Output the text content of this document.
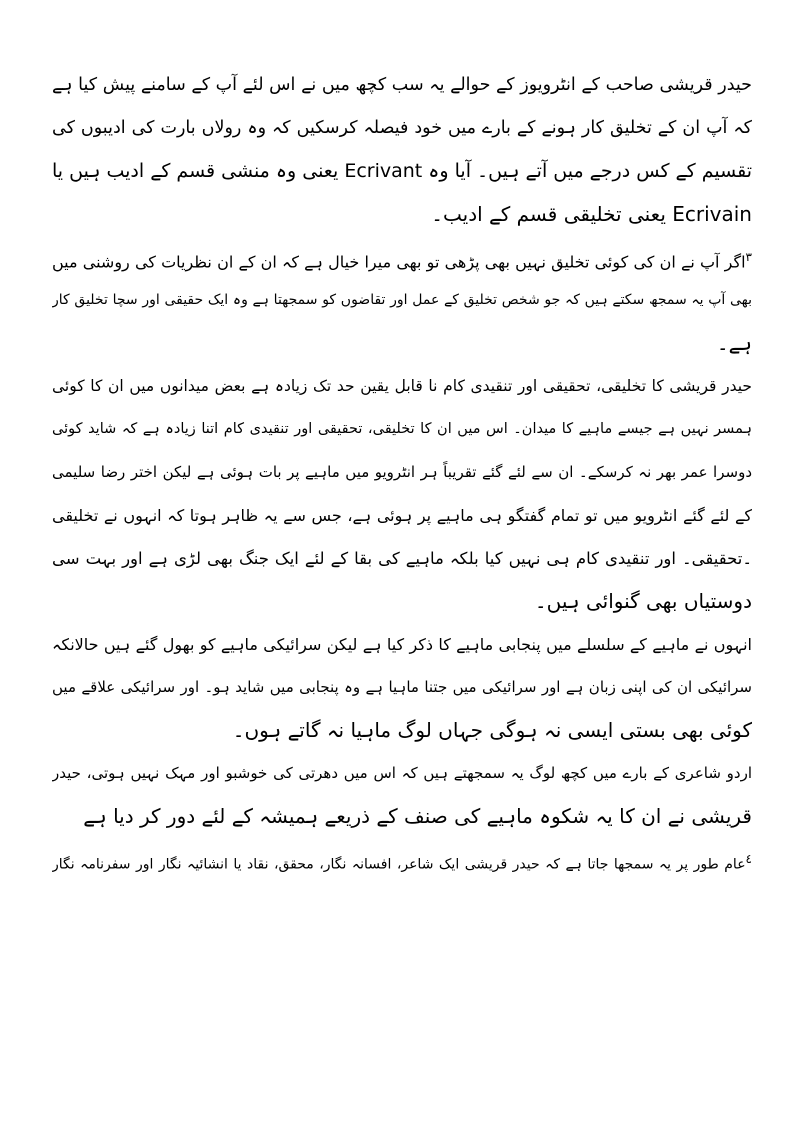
حیدر قریشی صاحب کے انٹرویوز کے حوالے یہ سب کچھ میں نے اس لئے آپ کے سامنے پیش کیا ہے
کہ آپ ان کے تخلیق کار ہونے کے بارے میں خود فیصلہ کرسکیں کہ وہ رولاں بارت کی ادیبوں کی
تقسیم کے کس درجے میں آتے ہیں۔ آیا وہ Ecrivant یعنی وہ منشی قسم کے ادیب ہیں یا
Ecrivain یعنی تخلیقی قسم کے ادیب۔
$^٣$اگر آپ نے ان کی کوئی تخلیق نہیں بھی پڑھی تو بھی میرا خیال ہے کہ ان کے ان نظریات کی روشنی میں
بھی آپ یہ سمجھ سکتے ہیں کہ جو شخص تخلیق کے عمل اور تقاضوں کو سمجھتا ہے وہ ایک حقیقی اور سچا تخلیق کار
ہے۔
حیدر قریشی کا تخلیقی، تحقیقی اور تنقیدی کام نا قابل یقین حد تک زیادہ ہے بعض میدانوں میں ان کا کوئی
ہمسر نہیں ہے جیسے ماہیے کا میدان۔ اس میں ان کا تخلیقی، تحقیقی اور تنقیدی کام اتنا زیادہ ہے کہ شاید کوئی
دوسرا عمر بھر نہ کرسکے۔ ان سے لئے گئے تقریباً ہر انٹرویو میں ماہیے پر بات ہوئی ہے لیکن اختر رضا سلیمی
کے لئے گئے انٹرویو میں تو تمام گفتگو ہی ماہیے پر ہوئی ہے، جس سے یہ ظاہر ہوتا کہ انہوں نے تخلیقی
۔تحقیقی۔ اور تنقیدی کام ہی نہیں کیا بلکہ ماہیے کی بقا کے لئے ایک جنگ بھی لڑی ہے اور بہت سی
دوستیاں بھی گنوائی ہیں۔
انہوں نے ماہیے کے سلسلے میں پنجابی ماہیے کا ذکر کیا ہے لیکن سرائیکی ماہیے کو بھول گئے ہیں حالانکہ
سرائیکی ان کی اپنی زبان ہے اور سرائیکی میں جتنا ماہیا ہے وہ پنجابی میں شاید ہو۔ اور سرائیکی علاقے میں
کوئی بھی بستی ایسی نہ ہوگی جہاں لوگ ماہیا نہ گاتے ہوں۔
اردو شاعری کے بارے میں کچھ لوگ یہ سمجھتے ہیں کہ اس میں دھرتی کی خوشبو اور مہک نہیں ہوتی، حیدر
قریشی نے ان کا یہ شکوہ ماہیے کی صنف کے ذریعے ہمیشہ کے لئے دور کر دیا ہے
٤عام طور پر یہ سمجھا جاتا ہے کہ حیدر قریشی ایک شاعر، افسانہ نگار، محقق، نقاد یا انشائیہ نگار اور سفرنامہ نگار
